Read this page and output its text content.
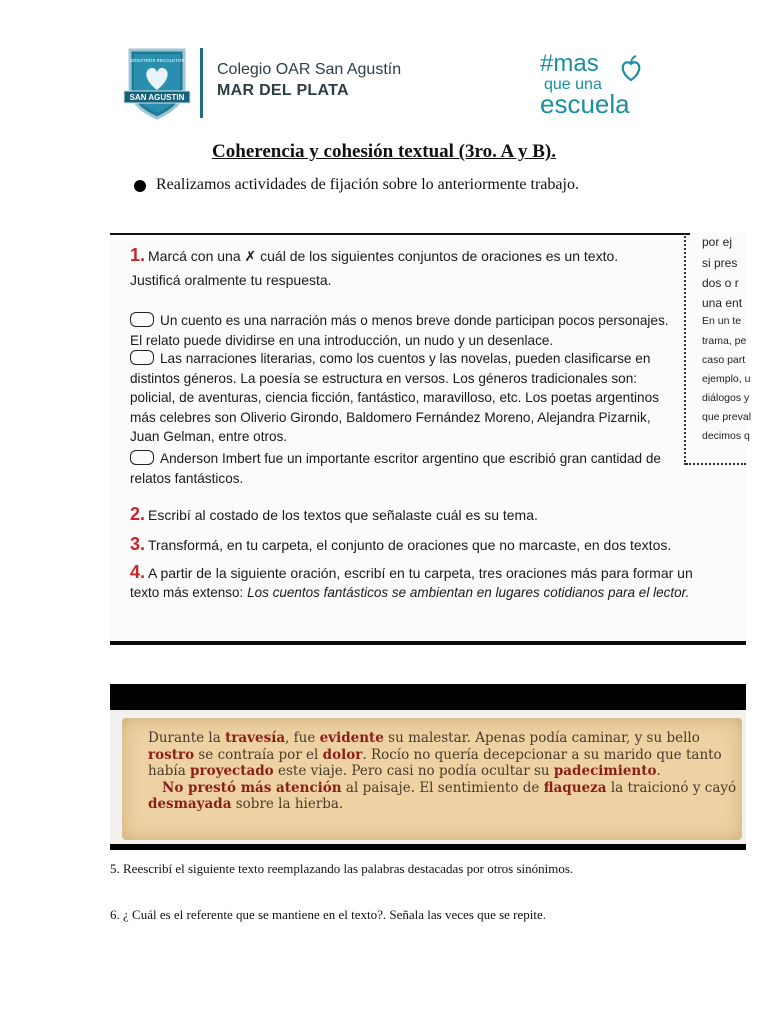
SAN AGUSTIN
NOSOTROS RECOLETOS
Colegio OAR San Agustín
MAR DEL PLATA
#mas
que una
escuela
Coherencia y cohesión textual (3ro. A y B).
Realizamos actividades de fijación sobre lo anteriormente trabajo.
por ej
si pres
dos o r
una ent
En un te
trama, pe
caso part
ejemplo, u
diálogos y
que preval
decimos q
1. Marcá con una ✗ cuál de los siguientes conjuntos de oraciones es un texto.
Justificá oralmente tu respuesta.
Un cuento es una narración más o menos breve donde participan pocos personajes. El relato puede dividirse en una introducción, un nudo y un desenlace.
Las narraciones literarias, como los cuentos y las novelas, pueden clasificarse en distintos géneros. La poesía se estructura en versos. Los géneros tradicionales son: policial, de aventuras, ciencia ficción, fantástico, maravilloso, etc. Los poetas argentinos más celebres son Oliverio Girondo, Baldomero Fernández Moreno, Alejandra Pizarnik, Juan Gelman, entre otros.
Anderson Imbert fue un importante escritor argentino que escribió gran cantidad de relatos fantásticos.
2. Escribí al costado de los textos que señalaste cuál es su tema.
3. Transformá, en tu carpeta, el conjunto de oraciones que no marcaste, en dos textos.
4. A partir de la siguiente oración, escribí en tu carpeta, tres oraciones más para formar un
texto más extenso: Los cuentos fantásticos se ambientan en lugares cotidianos para el lector.
Durante la travesía, fue evidente su malestar. Apenas podía caminar, y su bello rostro se contraía por el dolor. Rocío no quería decepcionar a su marido que tanto había proyectado este viaje. Pero casi no podía ocultar su padecimiento.
No prestó más atención al paisaje. El sentimiento de flaqueza la traicionó y cayó desmayada sobre la hierba.
5. Reescribí el siguiente texto reemplazando las palabras destacadas por otros sinónimos.
6. ¿ Cuál es el referente que se mantiene en el texto?. Señala las veces que se repite.
